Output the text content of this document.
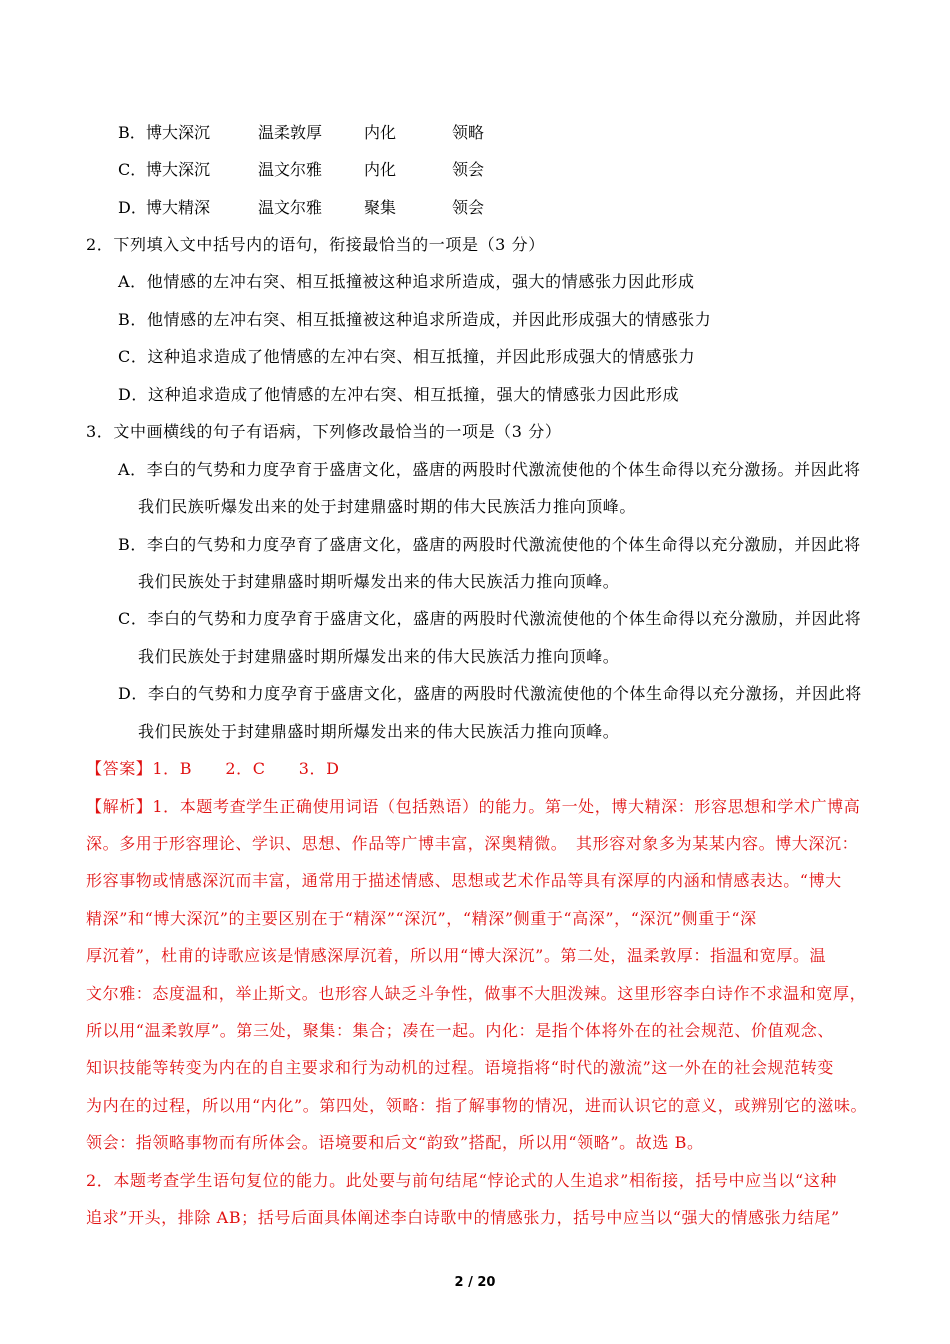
B． 博大深沉	温柔敦厚	内化	领略
C． 博大深沉	温文尔雅	内化	领会
D． 博大精深	温文尔雅	聚集	领会
2．下列填入文中括号内的语句，衔接最恰当的一项是（3 分）
A．他情感的左冲右突、相互抵撞被这种追求所造成，强大的情感张力因此形成
B．他情感的左冲右突、相互抵撞被这种追求所造成，并因此形成强大的情感张力
C．这种追求造成了他情感的左冲右突、相互抵撞，并因此形成强大的情感张力
D．这种追求造成了他情感的左冲右突、相互抵撞，强大的情感张力因此形成
3．文中画横线的句子有语病，下列修改最恰当的一项是（3 分）
A．李白的气势和力度孕育于盛唐文化，盛唐的两股时代激流使他的个体生命得以充分激扬。并因此将
我们民族听爆发出来的处于封建鼎盛时期的伟大民族活力推向顶峰。
B．李白的气势和力度孕育了盛唐文化，盛唐的两股时代激流使他的个体生命得以充分激励，并因此将
我们民族处于封建鼎盛时期听爆发出来的伟大民族活力推向顶峰。
C．李白的气势和力度孕育于盛唐文化，盛唐的两股时代激流使他的个体生命得以充分激励，并因此将
我们民族处于封建鼎盛时期所爆发出来的伟大民族活力推向顶峰。
D．李白的气势和力度孕育于盛唐文化，盛唐的两股时代激流使他的个体生命得以充分激扬，并因此将
我们民族处于封建鼎盛时期所爆发出来的伟大民族活力推向顶峰。
【答案】1．B　　2．C　　3．D
【解析】1．本题考查学生正确使用词语（包括熟语）的能力。第一处，博大精深：形容思想和学术广博高
深。多用于形容理论、学识、思想、作品等广博丰富，深奥精微。　其形容对象多为某某内容。博大深沉：
形容事物或情感深沉而丰富，通常用于描述情感、思想或艺术作品等具有深厚的内涵和情感表达。“博大
精深”和“博大深沉”的主要区别在于“精深”“深沉”，“精深”侧重于“高深”，“深沉”侧重于“深
厚沉着”，杜甫的诗歌应该是情感深厚沉着，所以用“博大深沉”。第二处，温柔敦厚：指温和宽厚。温
文尔雅：态度温和，举止斯文。也形容人缺乏斗争性，做事不大胆泼辣。这里形容李白诗作不求温和宽厚，
所以用“温柔敦厚”。第三处，聚集：集合；凑在一起。内化：是指个体将外在的社会规范、价值观念、
知识技能等转变为内在的自主要求和行为动机的过程。语境指将“时代的激流”这一外在的社会规范转变
为内在的过程，所以用“内化”。第四处，领略：指了解事物的情况，进而认识它的意义，或辨别它的滋味。
领会：指领略事物而有所体会。语境要和后文“韵致”搭配，所以用“领略”。故选 B。
2．本题考查学生语句复位的能力。此处要与前句结尾“悖论式的人生追求”相衔接，括号中应当以“这种
追求”开头，排除 AB；括号后面具体阐述李白诗歌中的情感张力，括号中应当以“强大的情感张力结尾”
2 / 20
